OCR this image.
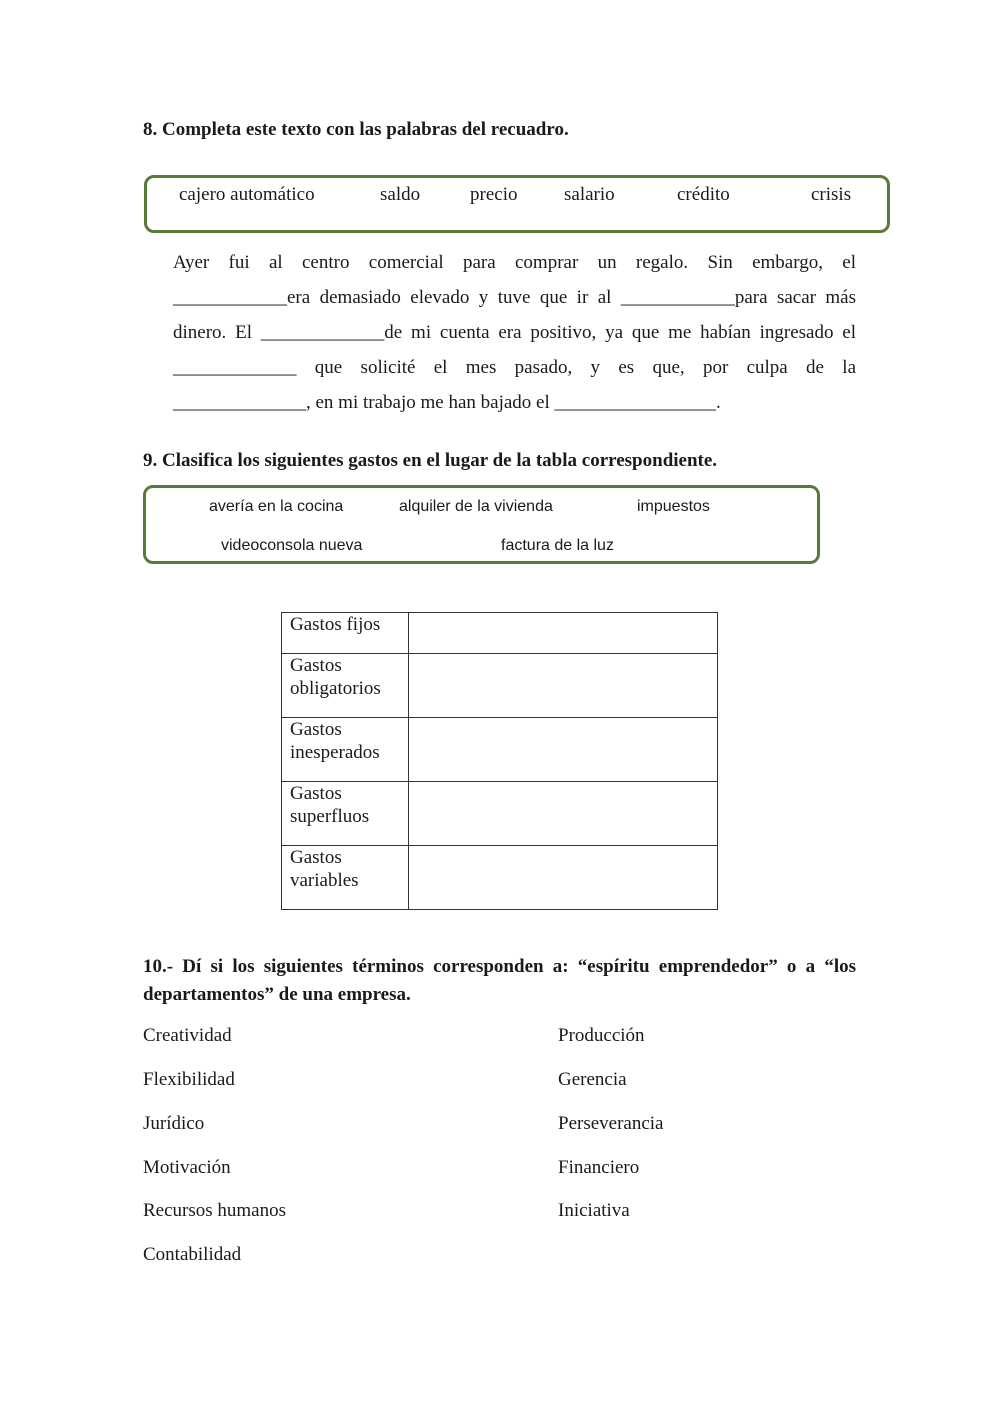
8. Completa este texto con las palabras del recuadro.
cajero automático	saldo	precio salario	crédito	crisis
Ayer fui al centro comercial para comprar un regalo. Sin embargo, el
____________era demasiado elevado y tuve que ir al ____________para sacar más
dinero. El _____________de mi cuenta era positivo, ya que me habían ingresado el
_____________ que solicité el mes pasado, y es que, por culpa de la
______________, en mi trabajo me han bajado el _________________.
9. Clasifica los siguientes gastos en el lugar de la tabla correspondiente.
avería en la cocina	alquiler de la vivienda	impuestos
videoconsola nueva	factura de la luz
Gastos fijos	
Gastos
obligatorios	
Gastos
inesperados	
Gastos
superfluos	
Gastos
variables	
10.- Dí si los siguientes términos corresponden a: “espíritu emprendedor” o a “los
departamentos” de una empresa.
Creatividad
Flexibilidad
Jurídico
Motivación
Recursos humanos
Contabilidad
Producción
Gerencia
Perseverancia
Financiero
Iniciativa
